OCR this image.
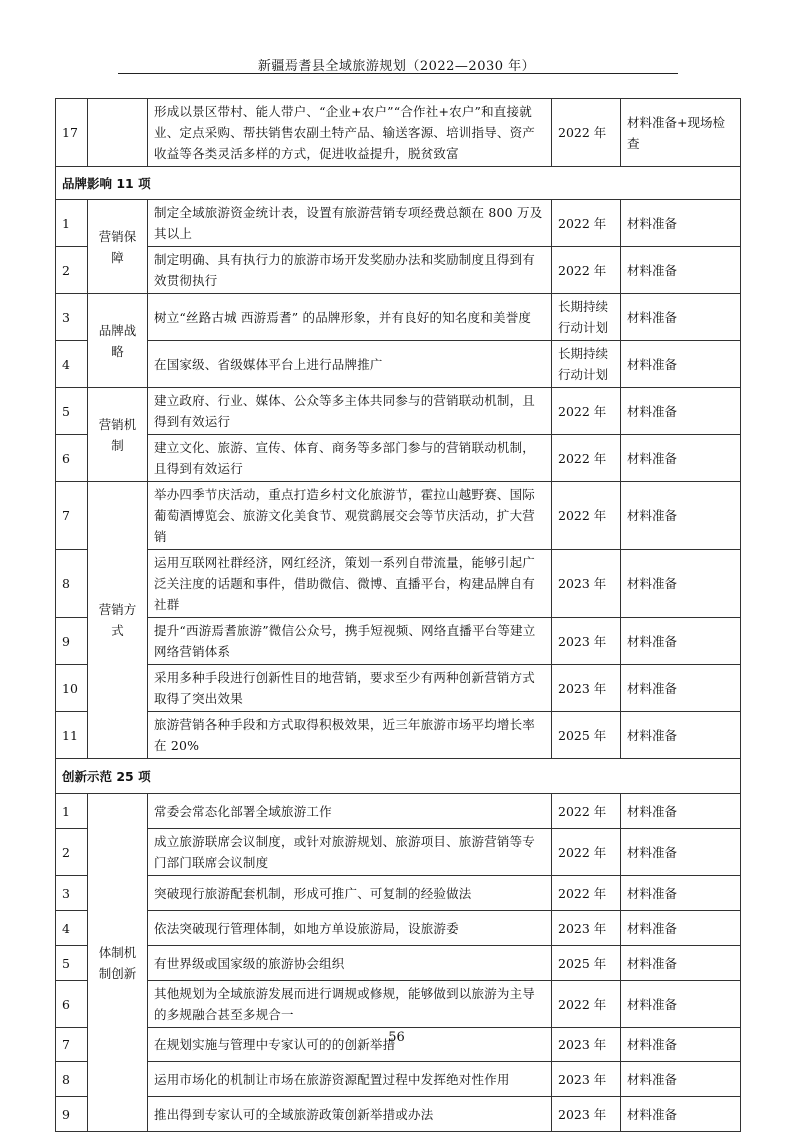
新疆焉耆县全域旅游规划（2022—2030 年）
17		形成以景区带村、能人带户、“企业+农户”“合作社+农户”和直接就业、定点采购、帮扶销售农副土特产品、输送客源、培训指导、资产收益等各类灵活多样的方式，促进收益提升，脱贫致富	2022 年	材料准备+现场检查
品牌影响 11 项				
1	营销保障	制定全域旅游资金统计表，设置有旅游营销专项经费总额在 800 万及其以上	2022 年	材料准备
2		制定明确、具有执行力的旅游市场开发奖励办法和奖励制度且得到有效贯彻执行	2022 年	材料准备
3	品牌战略	树立“丝路古城 西游焉耆” 的品牌形象，并有良好的知名度和美誉度	长期持续行动计划	材料准备
4		在国家级、省级媒体平台上进行品牌推广	长期持续行动计划	材料准备
5	营销机制	建立政府、行业、媒体、公众等多主体共同参与的营销联动机制，且得到有效运行	2022 年	材料准备
6		建立文化、旅游、宣传、体育、商务等多部门参与的营销联动机制，且得到有效运行	2022 年	材料准备
7	营销方式	举办四季节庆活动，重点打造乡村文化旅游节，霍拉山越野赛、国际葡萄酒博览会、旅游文化美食节、观赏鹞展交会等节庆活动，扩大营销	2022 年	材料准备
8		运用互联网社群经济，网红经济，策划一系列自带流量，能够引起广泛关注度的话题和事件，借助微信、微博、直播平台，构建品牌自有社群	2023 年	材料准备
9		提升“西游焉耆旅游”微信公众号，携手短视频、网络直播平台等建立网络营销体系	2023 年	材料准备
10		采用多种手段进行创新性目的地营销，要求至少有两种创新营销方式取得了突出效果	2023 年	材料准备
11		旅游营销各种手段和方式取得积极效果，近三年旅游市场平均增长率在 20%	2025 年	材料准备
创新示范 25 项				
1	体制机制创新	常委会常态化部署全域旅游工作	2022 年	材料准备
2		成立旅游联席会议制度，或针对旅游规划、旅游项目、旅游营销等专门部门联席会议制度	2022 年	材料准备
3		突破现行旅游配套机制，形成可推广、可复制的经验做法	2022 年	材料准备
4		依法突破现行管理体制，如地方单设旅游局，设旅游委	2023 年	材料准备
5		有世界级或国家级的旅游协会组织	2025 年	材料准备
6		其他规划为全域旅游发展而进行调规或修规，能够做到以旅游为主导的多规融合甚至多规合一	2022 年	材料准备
7		在规划实施与管理中专家认可的的创新举措	2023 年	材料准备
8		运用市场化的机制让市场在旅游资源配置过程中发挥绝对性作用	2023 年	材料准备
9		推出得到专家认可的全域旅游政策创新举措或办法	2023 年	材料准备
56
